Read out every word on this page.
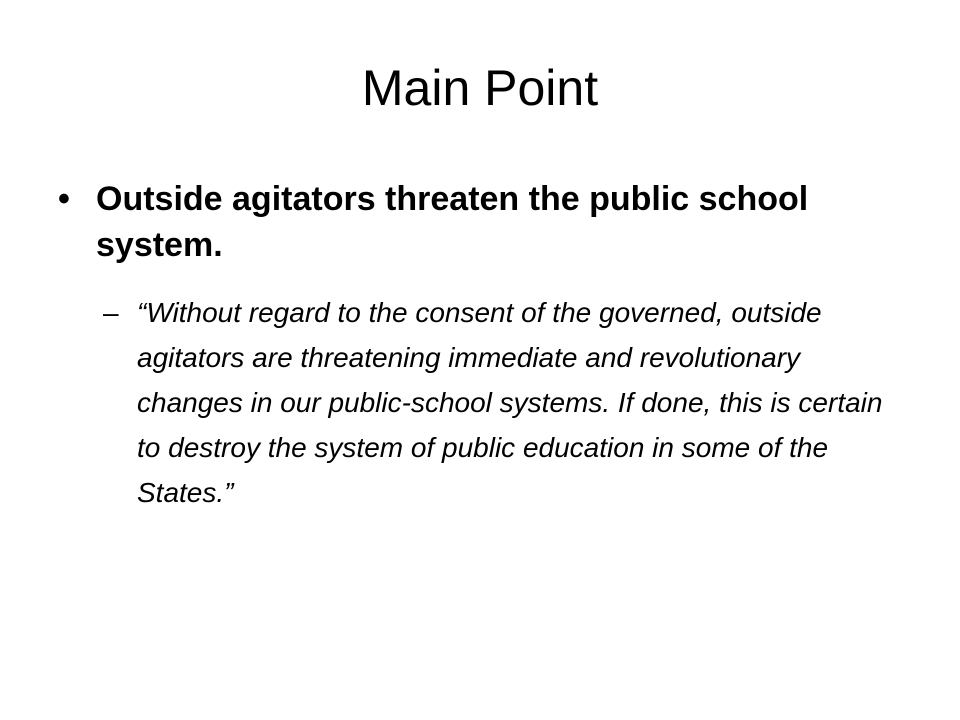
Main Point
• Outside agitators threaten the public school system.
– “Without regard to the consent of the governed, outside agitators are threatening immediate and revolutionary changes in our public-school systems. If done, this is certain to destroy the system of public education in some of the States.”
